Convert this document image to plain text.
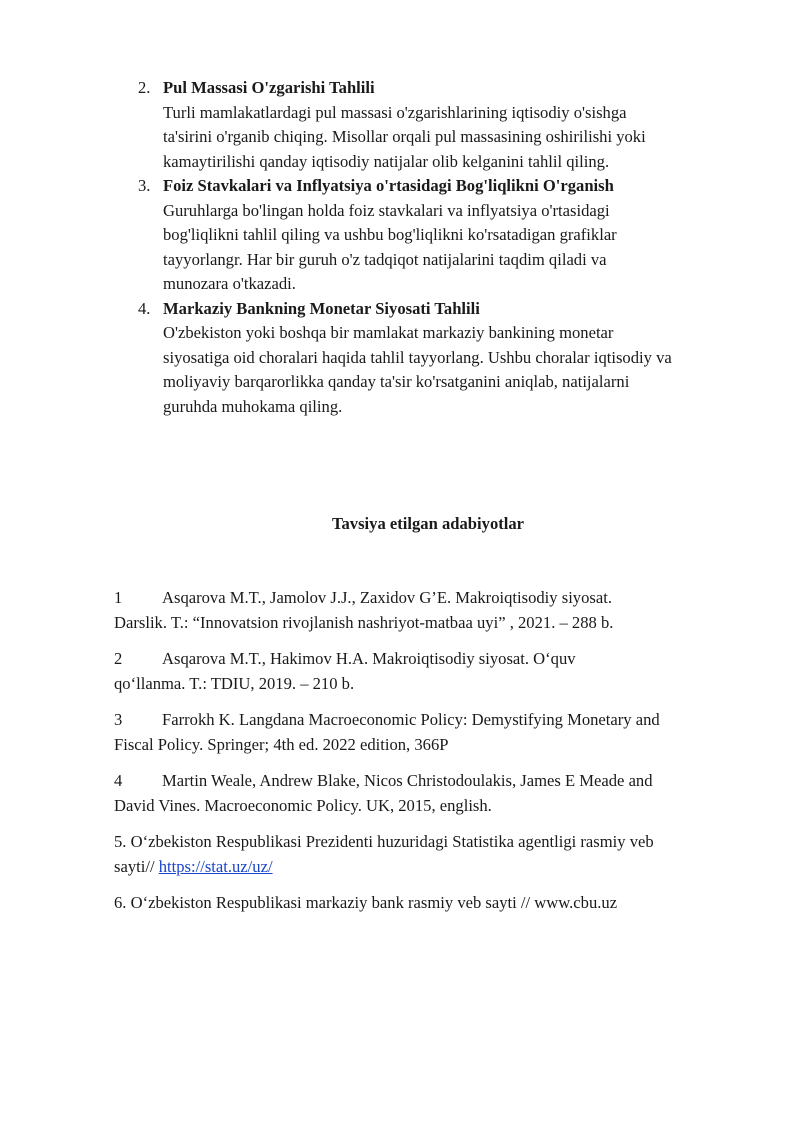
2. Pul Massasi O'zgarishi Tahlili
Turli mamlakatlardagi pul massasi o'zgarishlarining iqtisodiy o'sishga
ta'sirini o'rganib chiqing. Misollar orqali pul massasining oshirilishi yoki
kamaytirilishi qanday iqtisodiy natijalar olib kelganini tahlil qiling.
3. Foiz Stavkalari va Inflyatsiya o'rtasidagi Bog'liqlikni O'rganish
Guruhlarga bo'lingan holda foiz stavkalari va inflyatsiya o'rtasidagi
bog'liqlikni tahlil qiling va ushbu bog'liqlikni ko'rsatadigan grafiklar
tayyorlangr. Har bir guruh o'z tadqiqot natijalarini taqdim qiladi va
munozara o'tkazadi.
4. Markaziy Bankning Monetar Siyosati Tahlili
O'zbekiston yoki boshqa bir mamlakat markaziy bankining monetar
siyosatiga oid choralari haqida tahlil tayyorlang. Ushbu choralar iqtisodiy va
moliyaviy barqarorlikka qanday ta'sir ko'rsatganini aniqlab, natijalarni
guruhda muhokama qiling.
Tavsiya etilgan adabiyotlar
1 Asqarova M.T., Jamolov J.J., Zaxidov G’E. Makroiqtisodiy siyosat.
Darslik. T.: “Innovatsion rivojlanish nashriyot-matbaa uyi” , 2021. – 288 b.
2 Asqarova M.T., Hakimov H.A. Makroiqtisodiy siyosat. O‘quv
qo‘llanma. T.: TDIU, 2019. – 210 b.
3 Farrokh K. Langdana Macroeconomic Policy: Demystifying Monetary and
Fiscal Policy. Springer; 4th ed. 2022 edition, 366P
4 Martin Weale, Andrew Blake, Nicos Christodoulakis, James E Meade and
David Vines. Macroeconomic Policy. UK, 2015, english.
5. O‘zbekiston Respublikasi Prezidenti huzuridagi Statistika agentligi rasmiy veb
sayti// https://stat.uz/uz/
6. O‘zbekiston Respublikasi markaziy bank rasmiy veb sayti // www.cbu.uz
